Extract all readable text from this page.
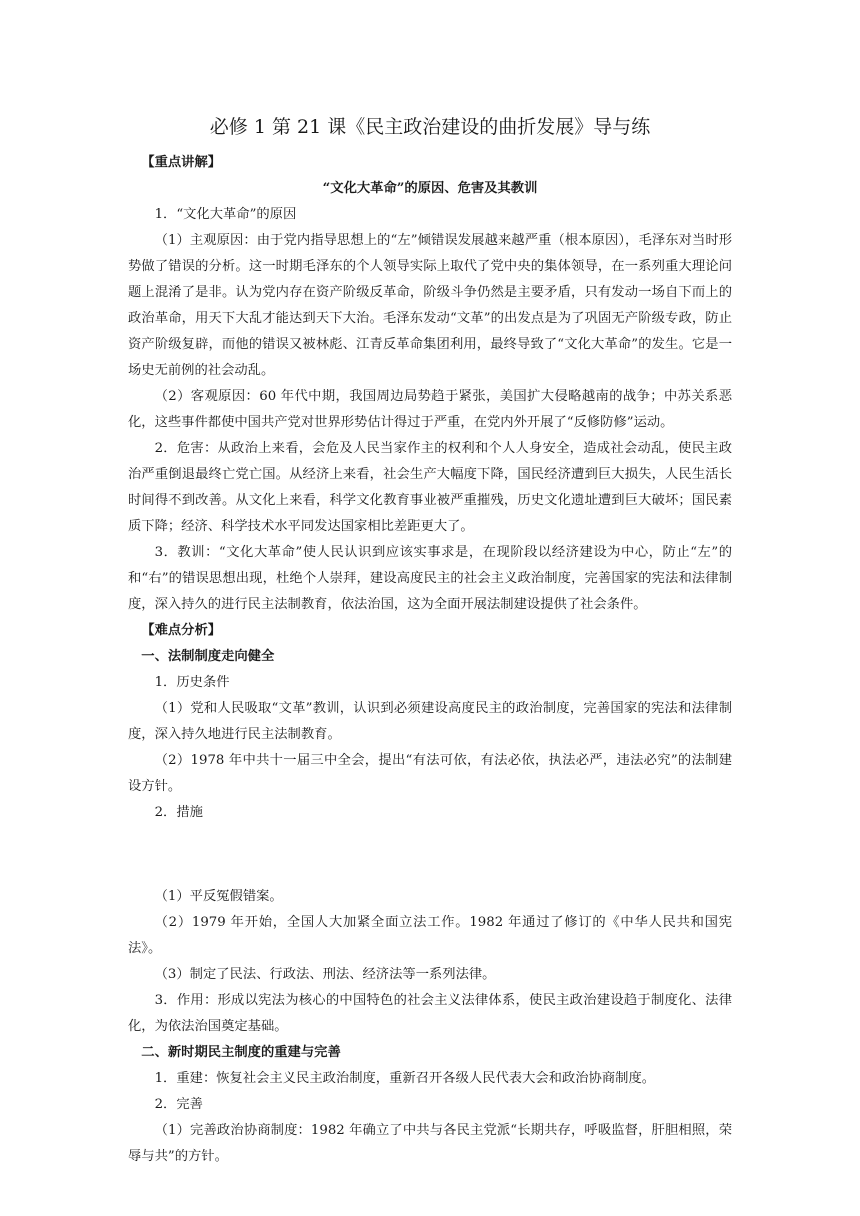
必修 1 第 21 课《民主政治建设的曲折发展》导与练

【重点讲解】

“文化大革命”的原因、危害及其教训

1．“文化大革命”的原因

（1）主观原因：由于党内指导思想上的“左”倾错误发展越来越严重（根本原因），毛泽东对当时形势做了错误的分析。这一时期毛泽东的个人领导实际上取代了党中央的集体领导，在一系列重大理论问题上混淆了是非。认为党内存在资产阶级反革命，阶级斗争仍然是主要矛盾，只有发动一场自下而上的政治革命，用天下大乱才能达到天下大治。毛泽东发动“文革”的出发点是为了巩固无产阶级专政，防止资产阶级复辟，而他的错误又被林彪、江青反革命集团利用，最终导致了“文化大革命”的发生。它是一场史无前例的社会动乱。

（2）客观原因：60 年代中期，我国周边局势趋于紧张，美国扩大侵略越南的战争；中苏关系恶化，这些事件都使中国共产党对世界形势估计得过于严重，在党内外开展了“反修防修”运动。

2．危害：从政治上来看，会危及人民当家作主的权利和个人人身安全，造成社会动乱，使民主政治严重倒退最终亡党亡国。从经济上来看，社会生产大幅度下降，国民经济遭到巨大损失，人民生活长时间得不到改善。从文化上来看，科学文化教育事业被严重摧残，历史文化遗址遭到巨大破坏；国民素质下降；经济、科学技术水平同发达国家相比差距更大了。

3．教训：“文化大革命”使人民认识到应该实事求是，在现阶段以经济建设为中心，防止“左”的和“右”的错误思想出现，杜绝个人崇拜，建设高度民主的社会主义政治制度，完善国家的宪法和法律制度，深入持久的进行民主法制教育，依法治国，这为全面开展法制建设提供了社会条件。

【难点分析】

一、法制制度走向健全

1．历史条件

（1）党和人民吸取“文革”教训，认识到必须建设高度民主的政治制度，完善国家的宪法和法律制度，深入持久地进行民主法制教育。

（2）1978 年中共十一届三中全会，提出“有法可依，有法必依，执法必严，违法必究”的法制建设方针。

2．措施

（1）平反冤假错案。

（2）1979 年开始，全国人大加紧全面立法工作。1982 年通过了修订的《中华人民共和国宪法》。

（3）制定了民法、行政法、刑法、经济法等一系列法律。

3．作用：形成以宪法为核心的中国特色的社会主义法律体系，使民主政治建设趋于制度化、法律化，为依法治国奠定基础。

二、新时期民主制度的重建与完善

1．重建：恢复社会主义民主政治制度，重新召开各级人民代表大会和政治协商制度。

2．完善

（1）完善政治协商制度：1982 年确立了中共与各民主党派“长期共存，呼吸监督，肝胆相照，荣辱与共”的方针。
